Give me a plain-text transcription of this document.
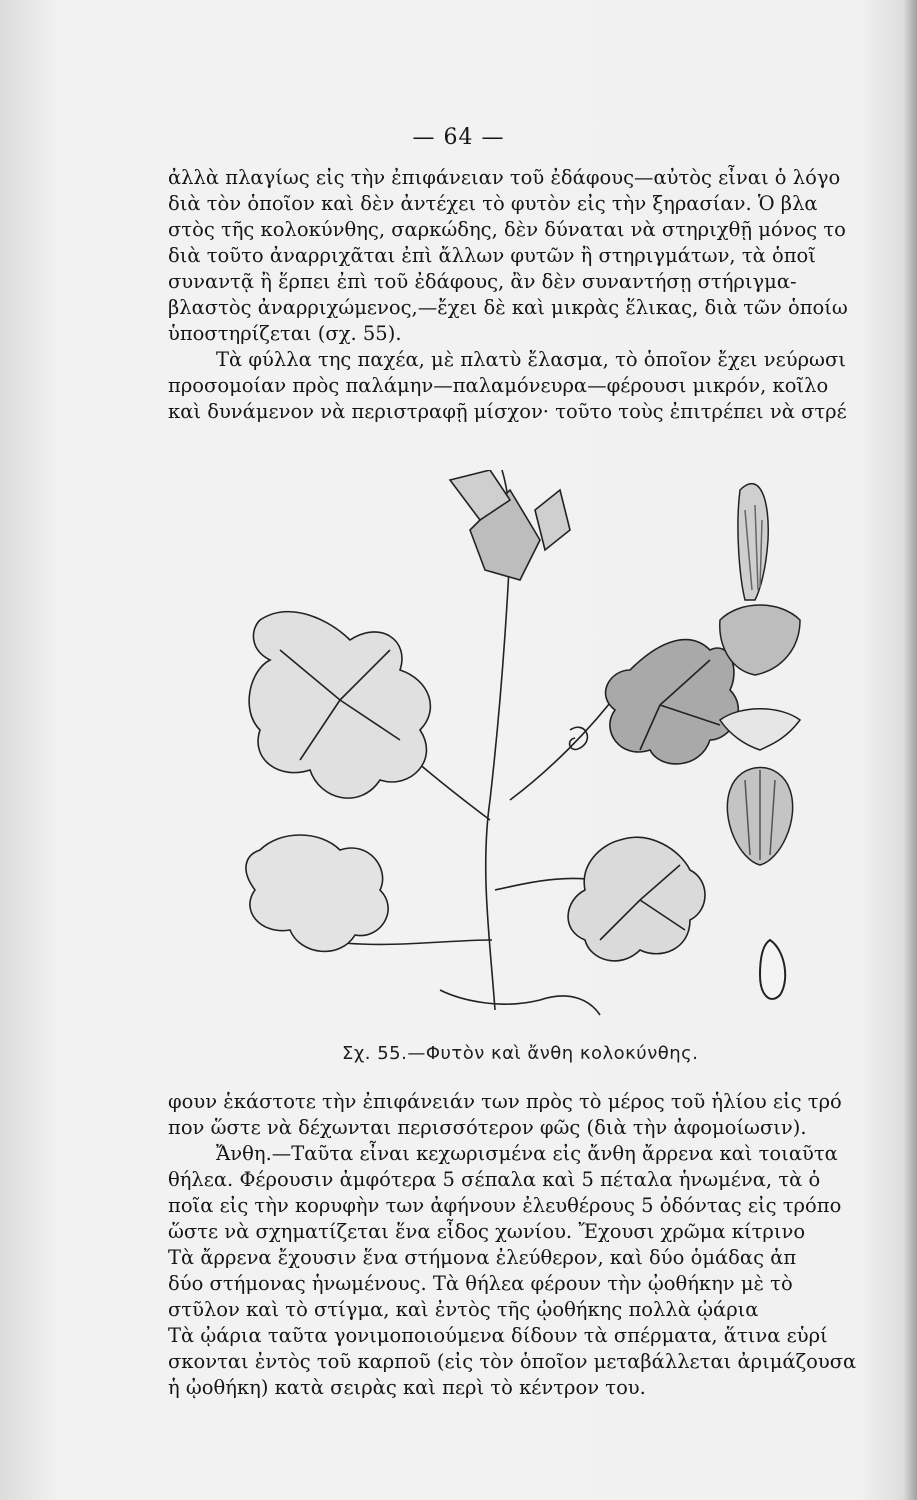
— 64 —
ἀλλὰ πλαγίως εἰς τὴν ἐπιφάνειαν τοῦ ἐδάφους—αὐτὸς εἶναι ὁ λόγο
διὰ τὸν ὁποῖον καὶ δὲν ἀντέχει τὸ φυτὸν εἰς τὴν ξηρασίαν. Ὁ βλα
στὸς τῆς κολοκύνθης, σαρκώδης, δὲν δύναται νὰ στηριχθῇ μόνος το
διὰ τοῦτο ἀναρριχᾶται ἐπὶ ἄλλων φυτῶν ἢ στηριγμάτων, τὰ ὁποῖ
συναντᾷ ἢ ἕρπει ἐπὶ τοῦ ἐδάφους, ἂν δὲν συναντήσῃ στήριγμα-
βλαστὸς ἀναρριχώμενος,—ἔχει δὲ καὶ μικρὰς ἕλικας, διὰ τῶν ὁποίω
ὑποστηρίζεται (σχ. 55).
Τὰ φύλλα της παχέα, μὲ πλατὺ ἔλασμα, τὸ ὁποῖον ἔχει νεύρωσι
προσομοίαν πρὸς παλάμην—παλαμόνευρα—φέρουσι μικρόν, κοῖλο
καὶ δυνάμενον νὰ περιστραφῇ μίσχον· τοῦτο τοὺς ἐπιτρέπει νὰ στρέ
Σχ. 55.—Φυτὸν καὶ ἄνθη κολοκύνθης.
φουν ἑκάστοτε τὴν ἐπιφάνειάν των πρὸς τὸ μέρος τοῦ ἡλίου εἰς τρό
πον ὥστε νὰ δέχωνται περισσότερον φῶς (διὰ τὴν ἀφομοίωσιν).
Ἄνθη.—Ταῦτα εἶναι κεχωρισμένα εἰς ἄνθη ἄρρενα καὶ τοιαῦτα
θήλεα. Φέρουσιν ἀμφότερα 5 σέπαλα καὶ 5 πέταλα ἡνωμένα, τὰ ὁ
ποῖα εἰς τὴν κορυφὴν των ἀφήνουν ἐλευθέρους 5 ὀδόντας εἰς τρόπο
ὥστε νὰ σχηματίζεται ἕνα εἶδος χωνίου. Ἔχουσι χρῶμα κίτρινο
Τὰ ἄρρενα ἔχουσιν ἕνα στήμονα ἐλεύθερον, καὶ δύο ὁμάδας ἀπ
δύο στήμονας ἡνωμένους. Τὰ θήλεα φέρουν τὴν ᾠοθήκην μὲ τὸ
στῦλον καὶ τὸ στίγμα, καὶ ἐντὸς τῆς ᾠοθήκης πολλὰ ᾠάρια
Τὰ ᾠάρια ταῦτα γονιμοποιούμενα δίδουν τὰ σπέρματα, ἅτινα εὑρί
σκονται ἐντὸς τοῦ καρποῦ (εἰς τὸν ὁποῖον μεταβάλλεται ἀριμάζουσα
ἡ ᾠοθήκη) κατὰ σειρὰς καὶ περὶ τὸ κέντρον του.
